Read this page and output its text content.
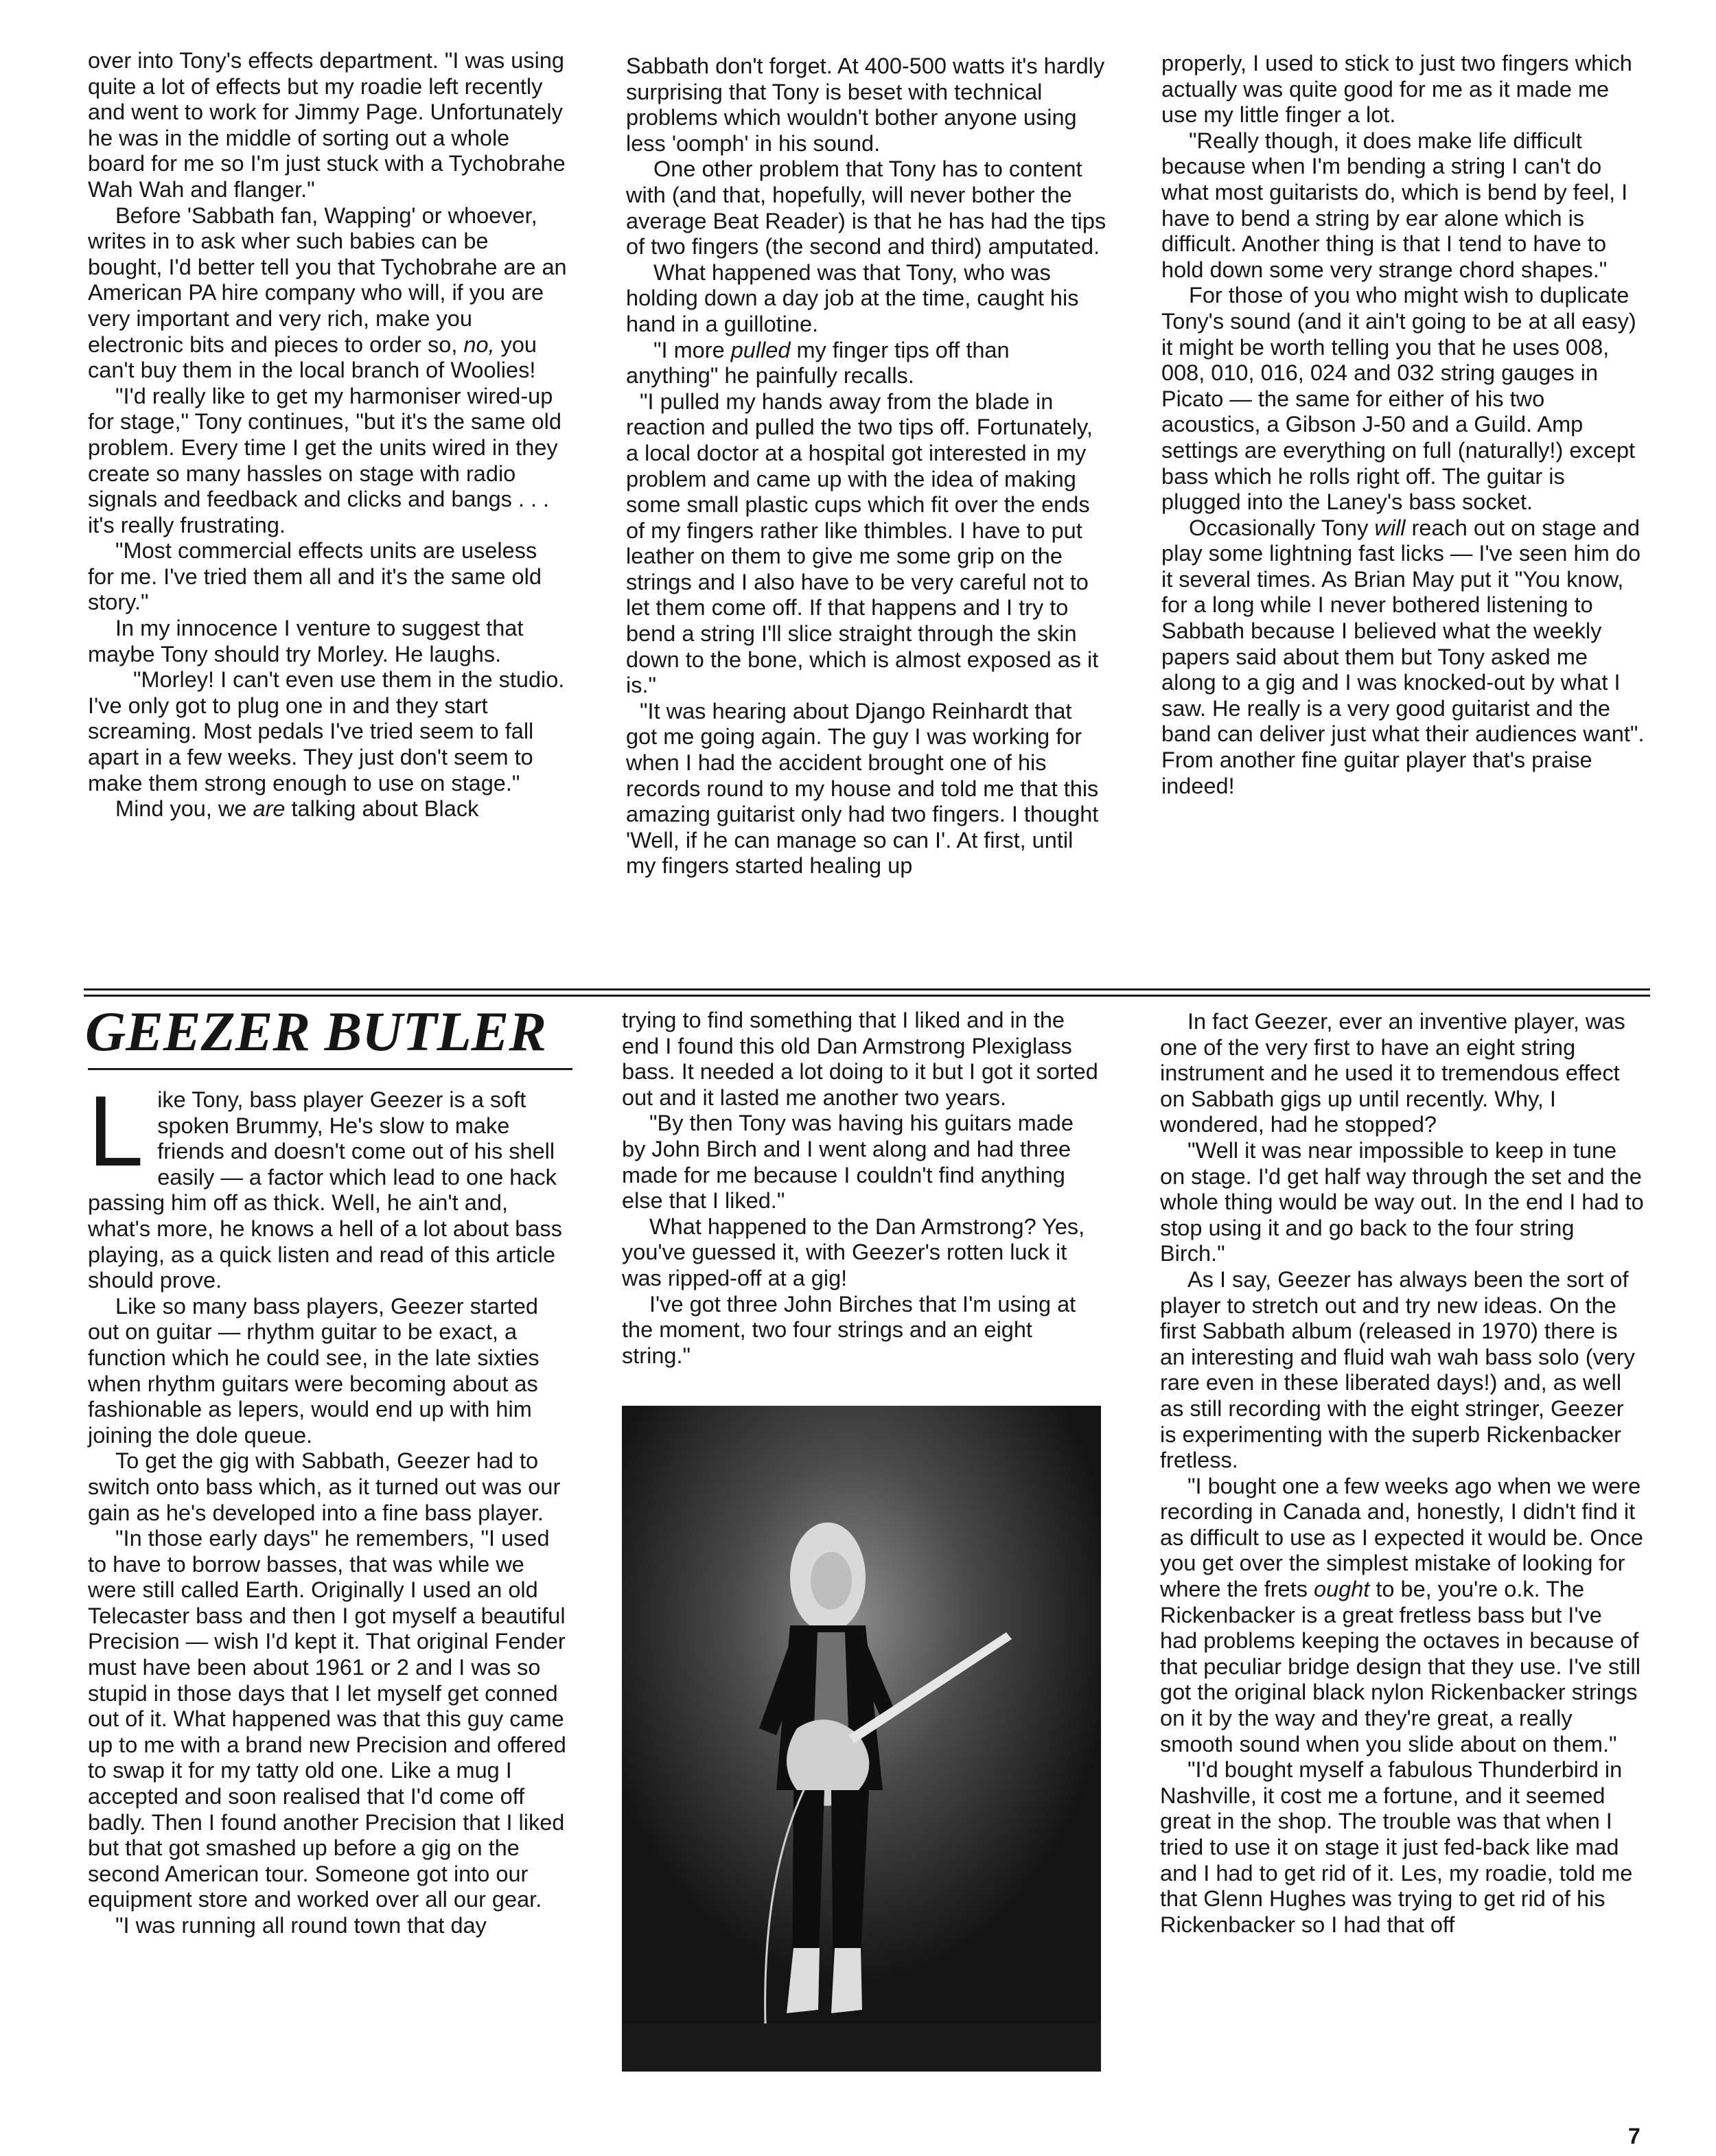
over into Tony's effects department. "I was using quite a lot of effects but my roadie left recently and went to work for Jimmy Page. Unfortunately he was in the middle of sorting out a whole board for me so I'm just stuck with a Tychobrahe Wah Wah and flanger."

Before 'Sabbath fan, Wapping' or whoever, writes in to ask wher such babies can be bought, I'd better tell you that Tychobrahe are an American PA hire company who will, if you are very important and very rich, make you electronic bits and pieces to order so, no, you can't buy them in the local branch of Woolies!

"I'd really like to get my harmoniser wired-up for stage," Tony continues, "but it's the same old problem. Every time I get the units wired in they create so many hassles on stage with radio signals and feedback and clicks and bangs . . . it's really frustrating.

"Most commercial effects units are useless for me. I've tried them all and it's the same old story."

In my innocence I venture to suggest that maybe Tony should try Morley. He laughs.

"Morley! I can't even use them in the studio. I've only got to plug one in and they start screaming. Most pedals I've tried seem to fall apart in a few weeks. They just don't seem to make them strong enough to use on stage."

Mind you, we are talking about Black

Sabbath don't forget. At 400-500 watts it's hardly surprising that Tony is beset with technical problems which wouldn't bother anyone using less 'oomph' in his sound.

One other problem that Tony has to content with (and that, hopefully, will never bother the average Beat Reader) is that he has had the tips of two fingers (the second and third) amputated.

What happened was that Tony, who was holding down a day job at the time, caught his hand in a guillotine.

"I more pulled my finger tips off than anything" he painfully recalls.

"I pulled my hands away from the blade in reaction and pulled the two tips off. Fortunately, a local doctor at a hospital got interested in my problem and came up with the idea of making some small plastic cups which fit over the ends of my fingers rather like thimbles. I have to put leather on them to give me some grip on the strings and I also have to be very careful not to let them come off. If that happens and I try to bend a string I'll slice straight through the skin down to the bone, which is almost exposed as it is."

"It was hearing about Django Reinhardt that got me going again. The guy I was working for when I had the accident brought one of his records round to my house and told me that this amazing guitarist only had two fingers. I thought 'Well, if he can manage so can I'. At first, until my fingers started healing up

properly, I used to stick to just two fingers which actually was quite good for me as it made me use my little finger a lot.

"Really though, it does make life difficult because when I'm bending a string I can't do what most guitarists do, which is bend by feel, I have to bend a string by ear alone which is difficult. Another thing is that I tend to have to hold down some very strange chord shapes."

For those of you who might wish to duplicate Tony's sound (and it ain't going to be at all easy) it might be worth telling you that he uses 008, 008, 010, 016, 024 and 032 string gauges in Picato — the same for either of his two acoustics, a Gibson J-50 and a Guild. Amp settings are everything on full (naturally!) except bass which he rolls right off. The guitar is plugged into the Laney's bass socket.

Occasionally Tony will reach out on stage and play some lightning fast licks — I've seen him do it several times. As Brian May put it "You know, for a long while I never bothered listening to Sabbath because I believed what the weekly papers said about them but Tony asked me along to a gig and I was knocked-out by what I saw. He really is a very good guitarist and the band can deliver just what their audiences want". From another fine guitar player that's praise indeed!

GEEZER BUTLER

Like Tony, bass player Geezer is a soft spoken Brummy, He's slow to make friends and doesn't come out of his shell easily — a factor which lead to one hack passing him off as thick. Well, he ain't and, what's more, he knows a hell of a lot about bass playing, as a quick listen and read of this article should prove.

Like so many bass players, Geezer started out on guitar — rhythm guitar to be exact, a function which he could see, in the late sixties when rhythm guitars were becoming about as fashionable as lepers, would end up with him joining the dole queue.

To get the gig with Sabbath, Geezer had to switch onto bass which, as it turned out was our gain as he's developed into a fine bass player.

"In those early days" he remembers, "I used to have to borrow basses, that was while we were still called Earth. Originally I used an old Telecaster bass and then I got myself a beautiful Precision — wish I'd kept it. That original Fender must have been about 1961 or 2 and I was so stupid in those days that I let myself get conned out of it. What happened was that this guy came up to me with a brand new Precision and offered to swap it for my tatty old one. Like a mug I accepted and soon realised that I'd come off badly. Then I found another Precision that I liked but that got smashed up before a gig on the second American tour. Someone got into our equipment store and worked over all our gear.

"I was running all round town that day

trying to find something that I liked and in the end I found this old Dan Armstrong Plexiglass bass. It needed a lot doing to it but I got it sorted out and it lasted me another two years.

"By then Tony was having his guitars made by John Birch and I went along and had three made for me because I couldn't find anything else that I liked."

What happened to the Dan Armstrong? Yes, you've guessed it, with Geezer's rotten luck it was ripped-off at a gig!

I've got three John Birches that I'm using at the moment, two four strings and an eight string."

In fact Geezer, ever an inventive player, was one of the very first to have an eight string instrument and he used it to tremendous effect on Sabbath gigs up until recently. Why, I wondered, had he stopped?

"Well it was near impossible to keep in tune on stage. I'd get half way through the set and the whole thing would be way out. In the end I had to stop using it and go back to the four string Birch."

As I say, Geezer has always been the sort of player to stretch out and try new ideas. On the first Sabbath album (released in 1970) there is an interesting and fluid wah wah bass solo (very rare even in these liberated days!) and, as well as still recording with the eight stringer, Geezer is experimenting with the superb Rickenbacker fretless.

"I bought one a few weeks ago when we were recording in Canada and, honestly, I didn't find it as difficult to use as I expected it would be. Once you get over the simplest mistake of looking for where the frets ought to be, you're o.k. The Rickenbacker is a great fretless bass but I've had problems keeping the octaves in because of that peculiar bridge design that they use. I've still got the original black nylon Rickenbacker strings on it by the way and they're great, a really smooth sound when you slide about on them."

"I'd bought myself a fabulous Thunderbird in Nashville, it cost me a fortune, and it seemed great in the shop. The trouble was that when I tried to use it on stage it just fed-back like mad and I had to get rid of it. Les, my roadie, told me that Glenn Hughes was trying to get rid of his Rickenbacker so I had that off

7
